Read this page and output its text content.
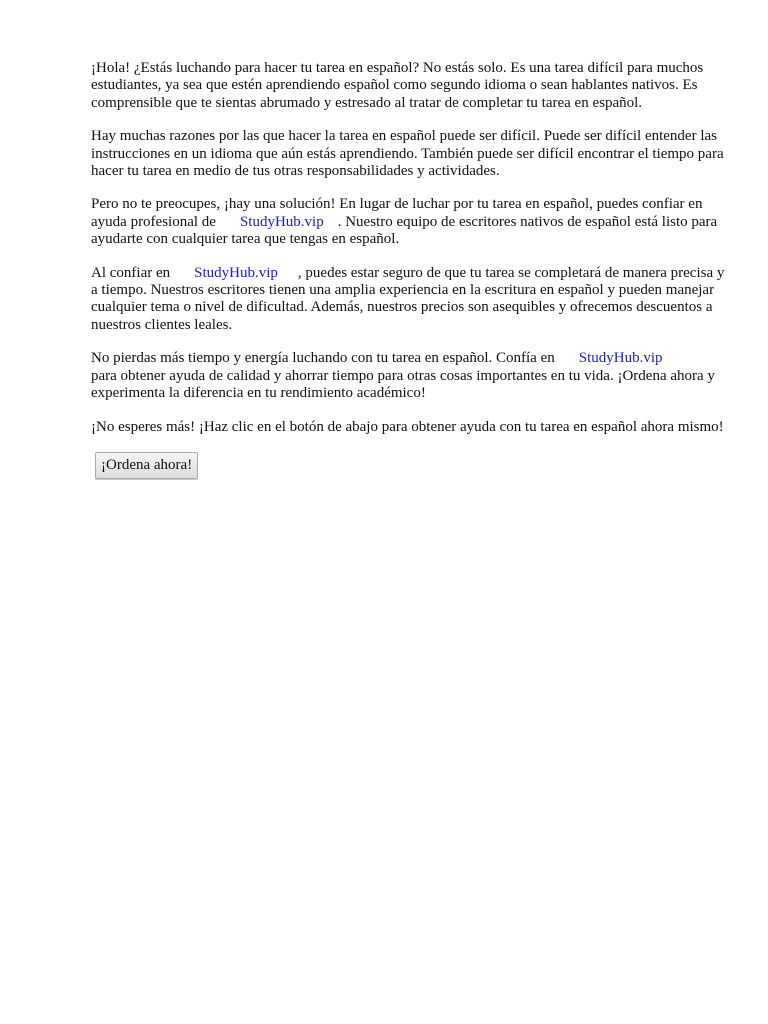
¡Hola! ¿Estás luchando para hacer tu tarea en español? No estás solo. Es una tarea difícil para muchos estudiantes, ya sea que estén aprendiendo español como segundo idioma o sean hablantes nativos. Es comprensible que te sientas abrumado y estresado al tratar de completar tu tarea en español.

Hay muchas razones por las que hacer la tarea en español puede ser difícil. Puede ser difícil entender las instrucciones en un idioma que aún estás aprendiendo. También puede ser difícil encontrar el tiempo para hacer tu tarea en medio de tus otras responsabilidades y actividades.

Pero no te preocupes, ¡hay una solución! En lugar de luchar por tu tarea en español, puedes confiar en ayuda profesional de StudyHub.vip . Nuestro equipo de escritores nativos de español está listo para ayudarte con cualquier tarea que tengas en español.

Al confiar en StudyHub.vip , puedes estar seguro de que tu tarea se completará de manera precisa y a tiempo. Nuestros escritores tienen una amplia experiencia en la escritura en español y pueden manejar cualquier tema o nivel de dificultad. Además, nuestros precios son asequibles y ofrecemos descuentos a nuestros clientes leales.

No pierdas más tiempo y energía luchando con tu tarea en español. Confía en StudyHub.vip
para obtener ayuda de calidad y ahorrar tiempo para otras cosas importantes en tu vida. ¡Ordena ahora y experimenta la diferencia en tu rendimiento académico!

¡No esperes más! ¡Haz clic en el botón de abajo para obtener ayuda con tu tarea en español ahora mismo!

¡Ordena ahora!
